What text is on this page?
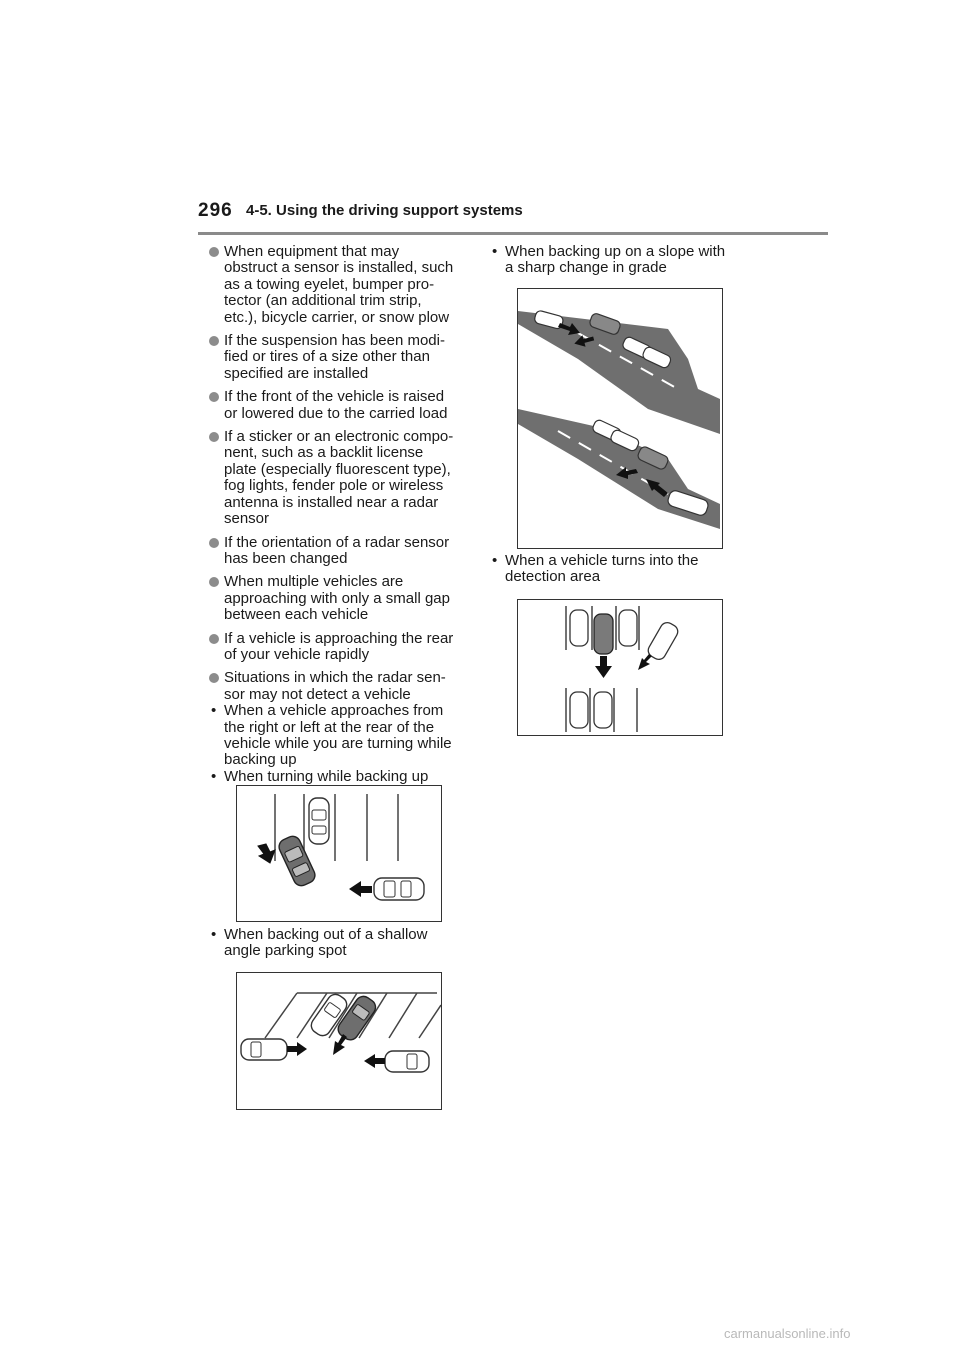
296 4-5. Using the driving support systems
When equipment that may
obstruct a sensor is installed, such
as a towing eyelet, bumper pro-
tector (an additional trim strip,
etc.), bicycle carrier, or snow plow
If the suspension has been modi-
fied or tires of a size other than
specified are installed
If the front of the vehicle is raised
or lowered due to the carried load
If a sticker or an electronic compo-
nent, such as a backlit license
plate (especially fluorescent type),
fog lights, fender pole or wireless
antenna is installed near a radar
sensor
If the orientation of a radar sensor
has been changed
When multiple vehicles are
approaching with only a small gap
between each vehicle
If a vehicle is approaching the rear
of your vehicle rapidly
Situations in which the radar sen-
sor may not detect a vehicle
• When a vehicle approaches from
the right or left at the rear of the
vehicle while you are turning while
backing up
• When turning while backing up
• When backing out of a shallow
angle parking spot
• When backing up on a slope with
a sharp change in grade
• When a vehicle turns into the
detection area
carmanualsonline.info
